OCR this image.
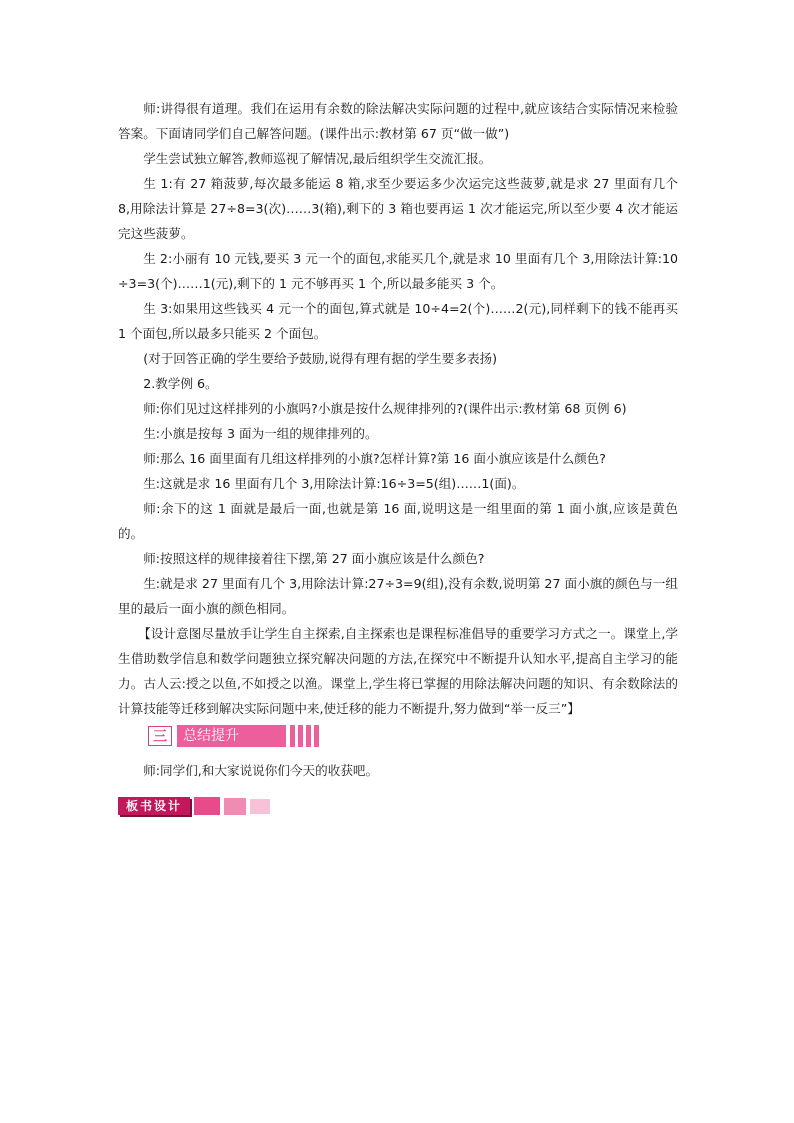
师:讲得很有道理。我们在运用有余数的除法解决实际问题的过程中,就应该结合实际情况来检验答案。下面请同学们自己解答问题。(课件出示:教材第 67 页“做一做”)

学生尝试独立解答,教师巡视了解情况,最后组织学生交流汇报。

生 1:有 27 箱菠萝,每次最多能运 8 箱,求至少要运多少次运完这些菠萝,就是求 27 里面有几个 8,用除法计算是 27÷8=3(次)……3(箱),剩下的 3 箱也要再运 1 次才能运完,所以至少要 4 次才能运完这些菠萝。

生 2:小丽有 10 元钱,要买 3 元一个的面包,求能买几个,就是求 10 里面有几个 3,用除法计算:10÷3=3(个)……1(元),剩下的 1 元不够再买 1 个,所以最多能买 3 个。

生 3:如果用这些钱买 4 元一个的面包,算式就是 10÷4=2(个)……2(元),同样剩下的钱不能再买 1 个面包,所以最多只能买 2 个面包。

(对于回答正确的学生要给予鼓励,说得有理有据的学生要多表扬)

2.教学例 6。

师:你们见过这样排列的小旗吗?小旗是按什么规律排列的?(课件出示:教材第 68 页例 6)

生:小旗是按每 3 面为一组的规律排列的。

师:那么 16 面里面有几组这样排列的小旗?怎样计算?第 16 面小旗应该是什么颜色?

生:这就是求 16 里面有几个 3,用除法计算:16÷3=5(组)……1(面)。

师:余下的这 1 面就是最后一面,也就是第 16 面,说明这是一组里面的第 1 面小旗,应该是黄色的。

师:按照这样的规律接着往下摆,第 27 面小旗应该是什么颜色?

生:就是求 27 里面有几个 3,用除法计算:27÷3=9(组),没有余数,说明第 27 面小旗的颜色与一组里的最后一面小旗的颜色相同。

【设计意图尽量放手让学生自主探索,自主探索也是课程标准倡导的重要学习方式之一。课堂上,学生借助数学信息和数学问题独立探究解决问题的方法,在探究中不断提升认知水平,提高自主学习的能力。古人云:授之以鱼,不如授之以渔。课堂上,学生将已掌握的用除法解决问题的知识、有余数除法的计算技能等迁移到解决实际问题中来,使迁移的能力不断提升,努力做到“举一反三”】

三	总结提升

师:同学们,和大家说说你们今天的收获吧。

板书设计
